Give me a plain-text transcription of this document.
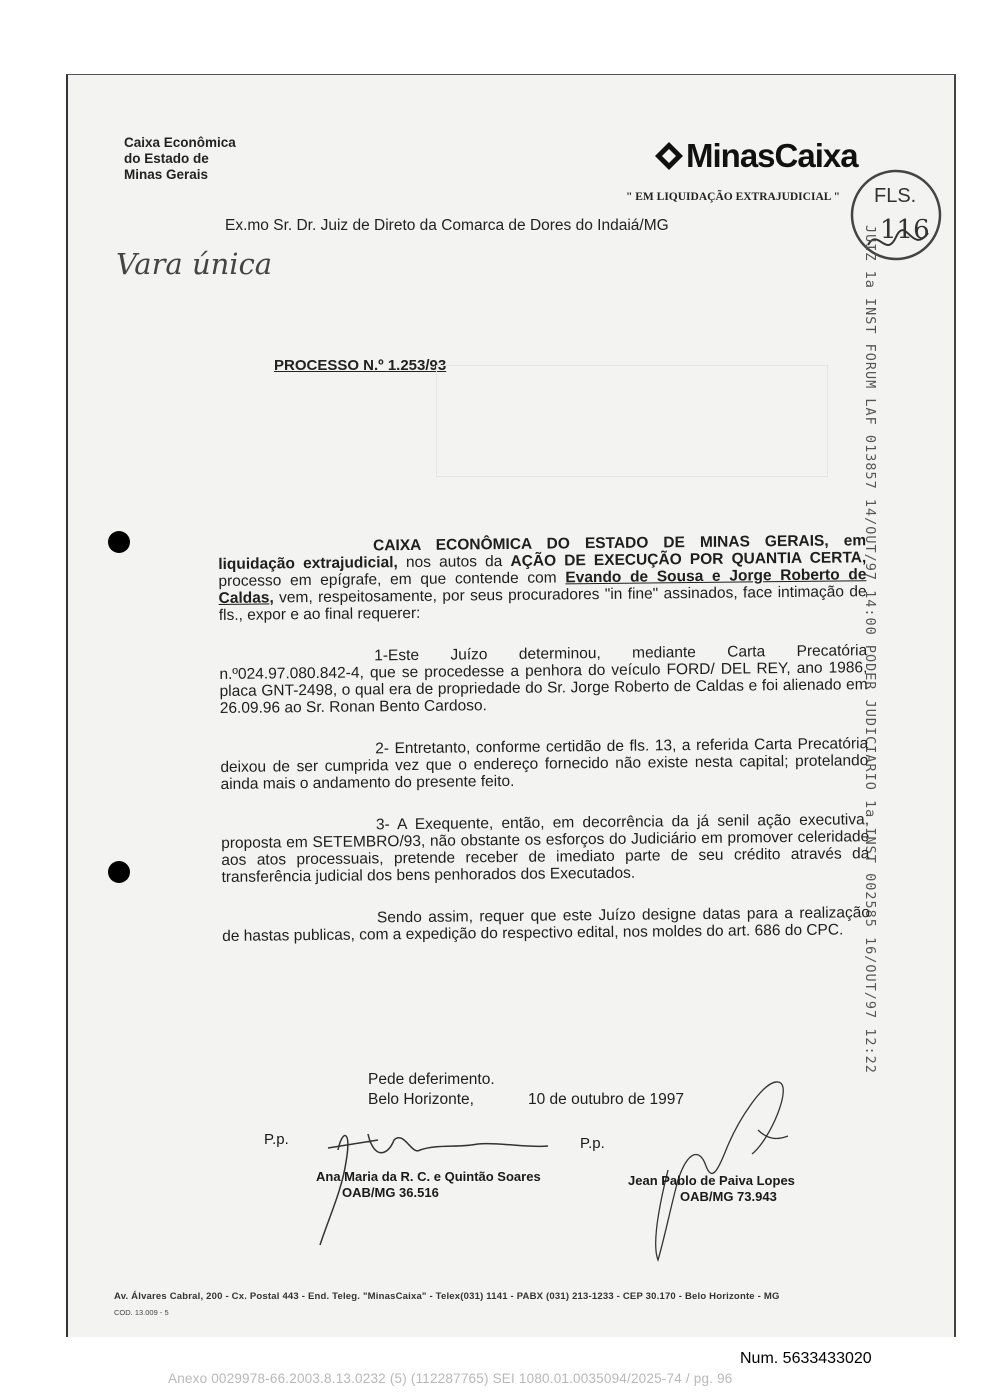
Caixa Econômica
do Estado de
Minas Gerais
MinasCaixa
" EM LIQUIDAÇÃO EXTRAJUDICIAL " FLS.
116
Ex.mo Sr. Dr. Juiz de Direto da Comarca de Dores do Indaiá/MG
Vara única
PROCESSO N.º 1.253/93	JUIZ 1a INST FORUM LAF 013857 14/OUT/97 14:00 PODER JUDICIARIO 1a INST 002585 16/OUT/97 12:22

CAIXA ECONÔMICA DO ESTADO DE MINAS GERAIS, em liquidação extrajudicial, nos autos da AÇÃO DE EXECUÇÃO POR QUANTIA CERTA, processo em epígrafe, em que contende com Evando de Sousa e Jorge Roberto de Caldas, vem, respeitosamente, por seus procuradores "in fine" assinados, face intimação de fls., expor e ao final requerer:

1-Este Juízo determinou, mediante Carta Precatória n.º024.97.080.842-4, que se procedesse a penhora do veículo FORD/ DEL REY, ano 1986, placa GNT-2498, o qual era de propriedade do Sr. Jorge Roberto de Caldas e foi alienado em 26.09.96 ao Sr. Ronan Bento Cardoso.

2- Entretanto, conforme certidão de fls. 13, a referida Carta Precatória deixou de ser cumprida vez que o endereço fornecido não existe nesta capital; protelando ainda mais o andamento do presente feito.

3- A Exequente, então, em decorrência da já senil ação executiva, proposta em SETEMBRO/93, não obstante os esforços do Judiciário em promover celeridade aos atos processuais, pretende receber de imediato parte de seu crédito através da transferência judicial dos bens penhorados dos Executados.

Sendo assim, requer que este Juízo designe datas para a realização de hastas publicas, com a expedição do respectivo edital, nos moldes do art. 686 do CPC.

Pede deferimento.
Belo Horizonte,	10 de outubro de 1997
P.p.	P.p.
Ana Maria da R. C. e Quintão Soares
OAB/MG 36.516
Jean Pablo de Paiva Lopes
OAB/MG 73.943
Av. Álvares Cabral, 200 - Cx. Postal 443 - End. Teleg. "MinasCaixa" - Telex(031) 1141 - PABX (031) 213-1233 - CEP 30.170 - Belo Horizonte - MG
COD. 13.009 - 5
Num. 5633433020
Anexo 0029978-66.2003.8.13.0232 (5) (112287765) SEI 1080.01.0035094/2025-74 / pg. 96
